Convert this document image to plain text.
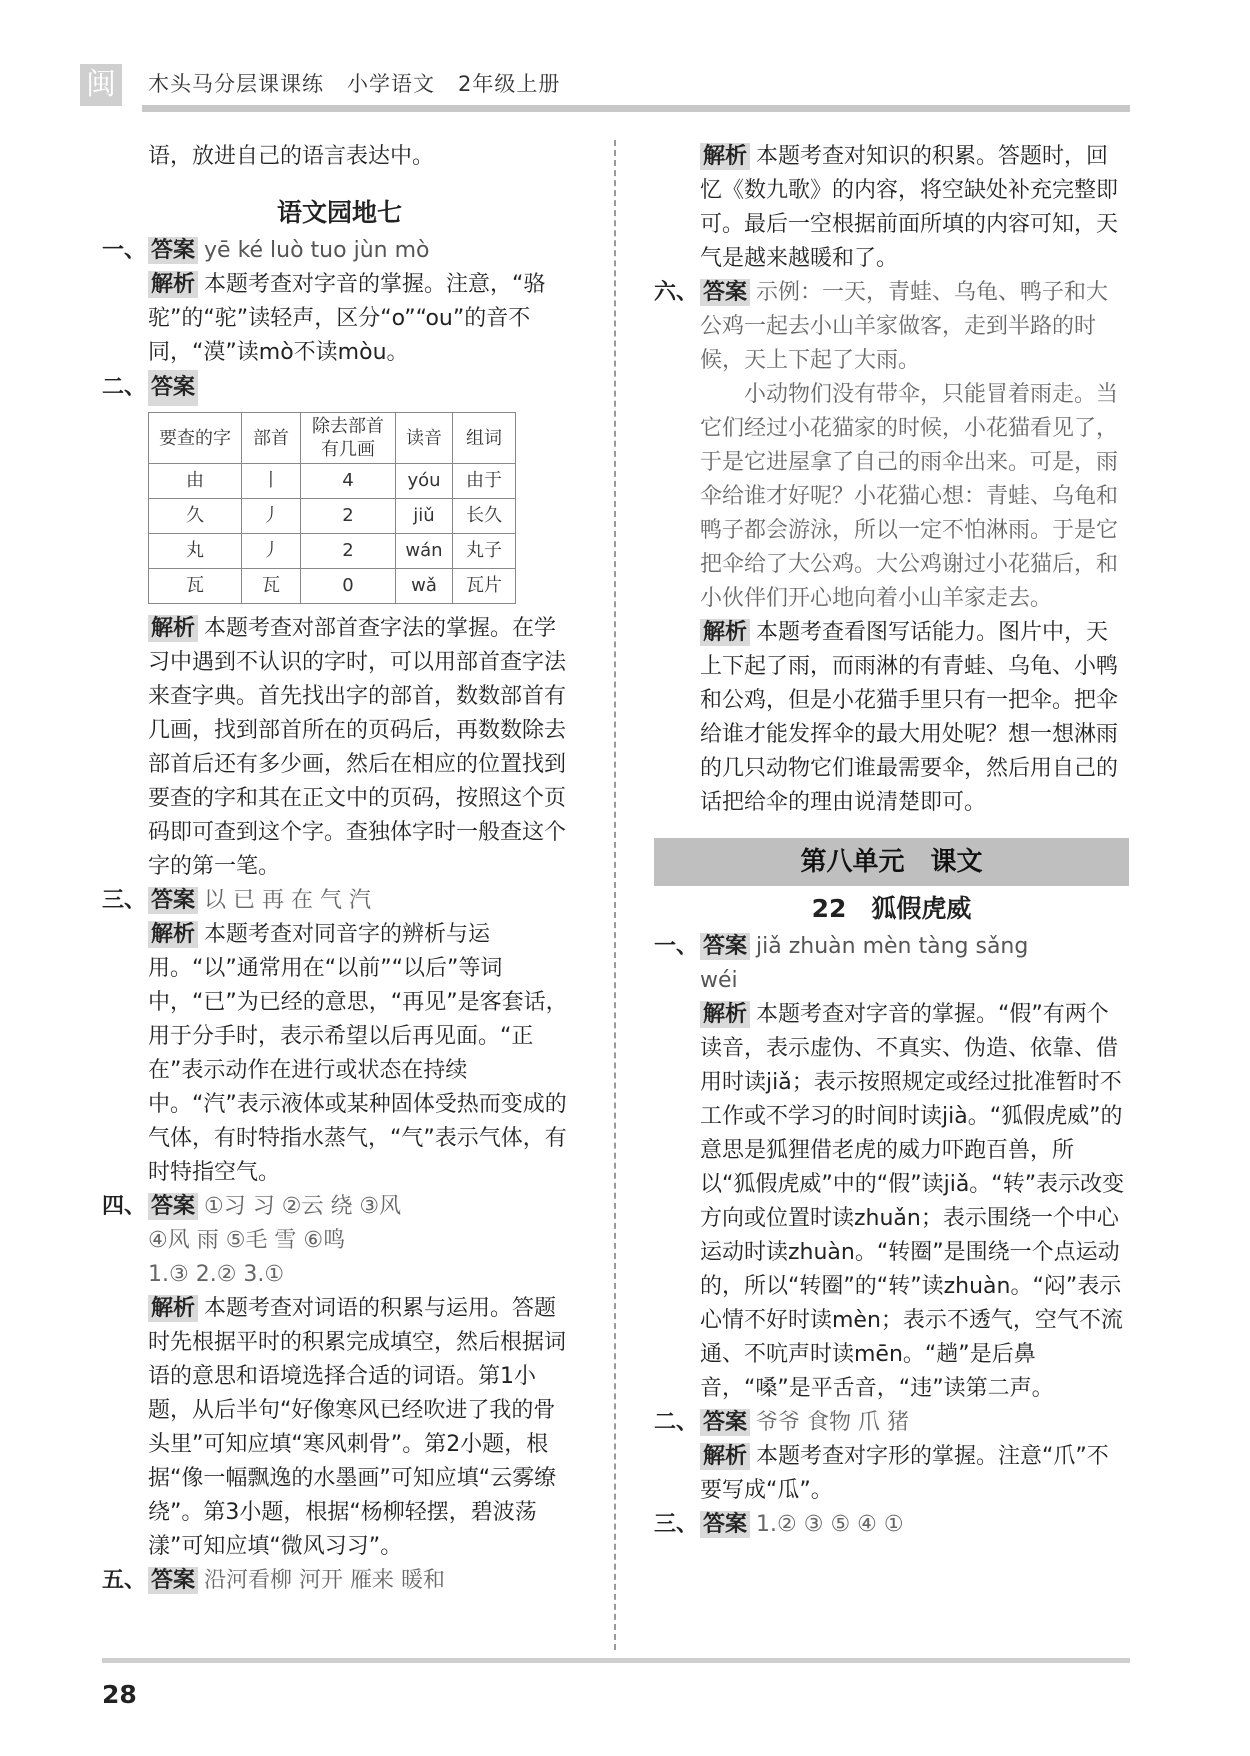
闽 木头马分层课课练   小学语文   2年级上册

语，放进自己的语言表达中。

语文园地七
一、 答案 yē ké luò tuo jùn mò

解析 本题考查对字音的掌握。注意，“骆驼”的“驼”读轻声，区分“o”“ou”的音不同，“漠”读mò不读mòu。

二、 答案
要查的字	部首	除去部首有几画	读音	组词
由	丨	4	yóu	由于
久	丿	2	jiǔ	长久
丸	丿	2	wán	丸子
瓦	瓦	0	wǎ	瓦片

解析 本题考查对部首查字法的掌握。在学习中遇到不认识的字时，可以用部首查字法来查字典。首先找出字的部首，数数部首有几画，找到部首所在的页码后，再数数除去部首后还有多少画，然后在相应的位置找到要查的字和其在正文中的页码，按照这个页码即可查到这个字。查独体字时一般查这个字的第一笔。

三、 答案 以 已 再 在 气 汽

解析 本题考查对同音字的辨析与运用。“以”通常用在“以前”“以后”等词中，“已”为已经的意思，“再见”是客套话，用于分手时，表示希望以后再见面。“正在”表示动作在进行或状态在持续中。“汽”表示液体或某种固体受热而变成的气体，有时特指水蒸气，“气”表示气体，有时特指空气。

四、 答案 ①习 习 ②云 绕 ③风

④风 雨 ⑤毛 雪 ⑥鸣

1.③ 2.② 3.①

解析 本题考查对词语的积累与运用。答题时先根据平时的积累完成填空，然后根据词语的意思和语境选择合适的词语。第1小题，从后半句“好像寒风已经吹进了我的骨头里”可知应填“寒风刺骨”。第2小题，根据“像一幅飘逸的水墨画”可知应填“云雾缭绕”。第3小题，根据“杨柳轻摆，碧波荡漾”可知应填“微风习习”。

五、 答案 沿河看柳 河开 雁来 暖和

解析 本题考查对知识的积累。答题时，回忆《数九歌》的内容，将空缺处补充完整即可。最后一空根据前面所填的内容可知，天气是越来越暖和了。

六、 答案 示例：一天，青蛙、乌龟、鸭子和大公鸡一起去小山羊家做客，走到半路的时候，天上下起了大雨。

小动物们没有带伞，只能冒着雨走。当它们经过小花猫家的时候，小花猫看见了，于是它进屋拿了自己的雨伞出来。可是，雨伞给谁才好呢？小花猫心想：青蛙、乌龟和鸭子都会游泳，所以一定不怕淋雨。于是它把伞给了大公鸡。大公鸡谢过小花猫后，和小伙伴们开心地向着小山羊家走去。

解析 本题考查看图写话能力。图片中，天上下起了雨，而雨淋的有青蛙、乌龟、小鸭和公鸡，但是小花猫手里只有一把伞。把伞给谁才能发挥伞的最大用处呢？想一想淋雨的几只动物它们谁最需要伞，然后用自己的话把给伞的理由说清楚即可。

第八单元　课文
22　狐假虎威
一、 答案 jiǎ zhuàn mèn tàng sǎng

wéi

解析 本题考查对字音的掌握。“假”有两个读音，表示虚伪、不真实、伪造、依靠、借用时读jiǎ；表示按照规定或经过批准暂时不工作或不学习的时间时读jià。“狐假虎威”的意思是狐狸借老虎的威力吓跑百兽，所以“狐假虎威”中的“假”读jiǎ。“转”表示改变方向或位置时读zhuǎn；表示围绕一个中心运动时读zhuàn。“转圈”是围绕一个点运动的，所以“转圈”的“转”读zhuàn。“闷”表示心情不好时读mèn；表示不透气，空气不流通、不吭声时读mēn。“趟”是后鼻音，“嗓”是平舌音，“违”读第二声。

二、 答案 爷爷 食物 爪 猪

解析 本题考查对字形的掌握。注意“爪”不要写成“瓜”。

三、 答案 1.② ③ ⑤ ④ ①
28
